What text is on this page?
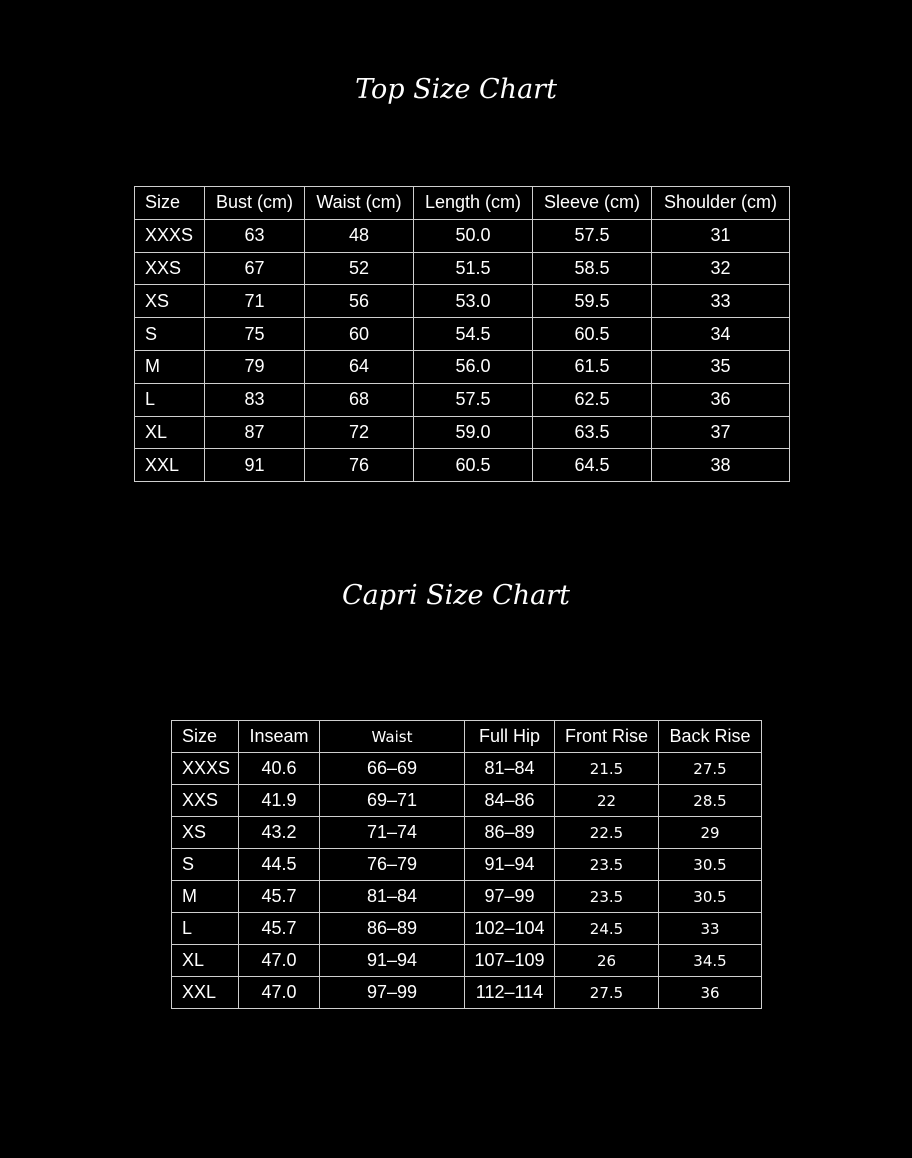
Top Size Chart
Size	Bust (cm)	Waist (cm)	Length (cm)	Sleeve (cm)	Shoulder (cm)
XXXS	63	48	50.0	57.5	31
XXS	67	52	51.5	58.5	32
XS	71	56	53.0	59.5	33
S	75	60	54.5	60.5	34
M	79	64	56.0	61.5	35
L	83	68	57.5	62.5	36
XL	87	72	59.0	63.5	37
XXL	91	76	60.5	64.5	38
Capri Size Chart
Size	Inseam	Waist	Full Hip	Front Rise	Back Rise
XXXS	40.6	66–69	81–84	21.5	27.5
XXS	41.9	69–71	84–86	22	28.5
XS	43.2	71–74	86–89	22.5	29
S	44.5	76–79	91–94	23.5	30.5
M	45.7	81–84	97–99	23.5	30.5
L	45.7	86–89	102–104	24.5	33
XL	47.0	91–94	107–109	26	34.5
XXL	47.0	97–99	112–114	27.5	36
